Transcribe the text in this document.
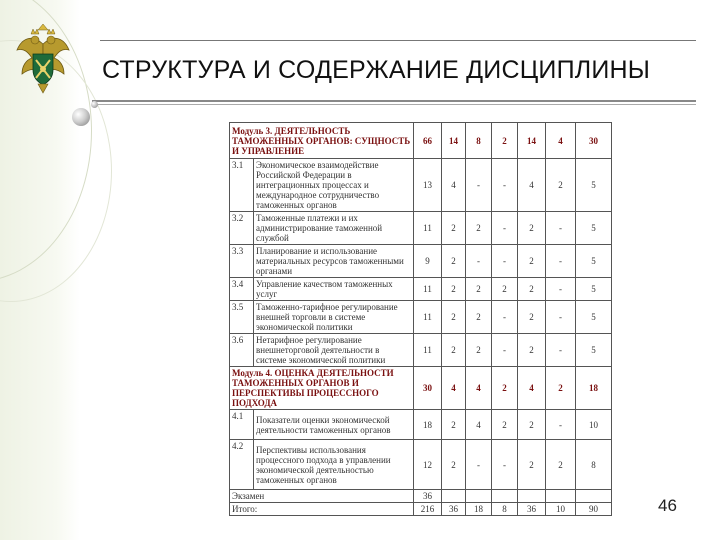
СТРУКТУРА И СОДЕРЖАНИЕ ДИСЦИПЛИНЫ
Модуль 3. ДЕЯТЕЛЬНОСТЬ ТАМОЖЕННЫХ ОРГАНОВ: СУЩНОСТЬ И УПРАВЛЕНИЕ		66	14	8	2	14	4	30
3.1	Экономическое взаимодействие Российской Федерации в интеграционных процессах и международное сотрудничество таможенных органов	13	4	-	-	4	2	5
3.2	Таможенные платежи и их администрирование таможенной службой	11	2	2	-	2	-	5
3.3	Планирование и использование материальных ресурсов таможенными органами	9	2	-	-	2	-	5
3.4	Управление качеством таможенных услуг	11	2	2	2	2	-	5
3.5	Таможенно-тарифное регулирование внешней торговли в системе экономической политики	11	2	2	-	2	-	5
3.6	Нетарифное регулирование внешнеторговой деятельности в системе экономической политики	11	2	2	-	2	-	5
Модуль 4. ОЦЕНКА ДЕЯТЕЛЬНОСТИ ТАМОЖЕННЫХ ОРГАНОВ И ПЕРСПЕКТИВЫ ПРОЦЕССНОГО ПОДХОДА		30	4	4	2	4	2	18
4.1	Показатели оценки экономической деятельности таможенных органов	18	2	4	2	2	-	10
4.2	Перспективы использования процессного подхода в управлении экономической деятельностью таможенных органов	12	2	-	-	2	2	8
Экзамен		36						
Итого:		216	36	18	8	36	10	90	46
